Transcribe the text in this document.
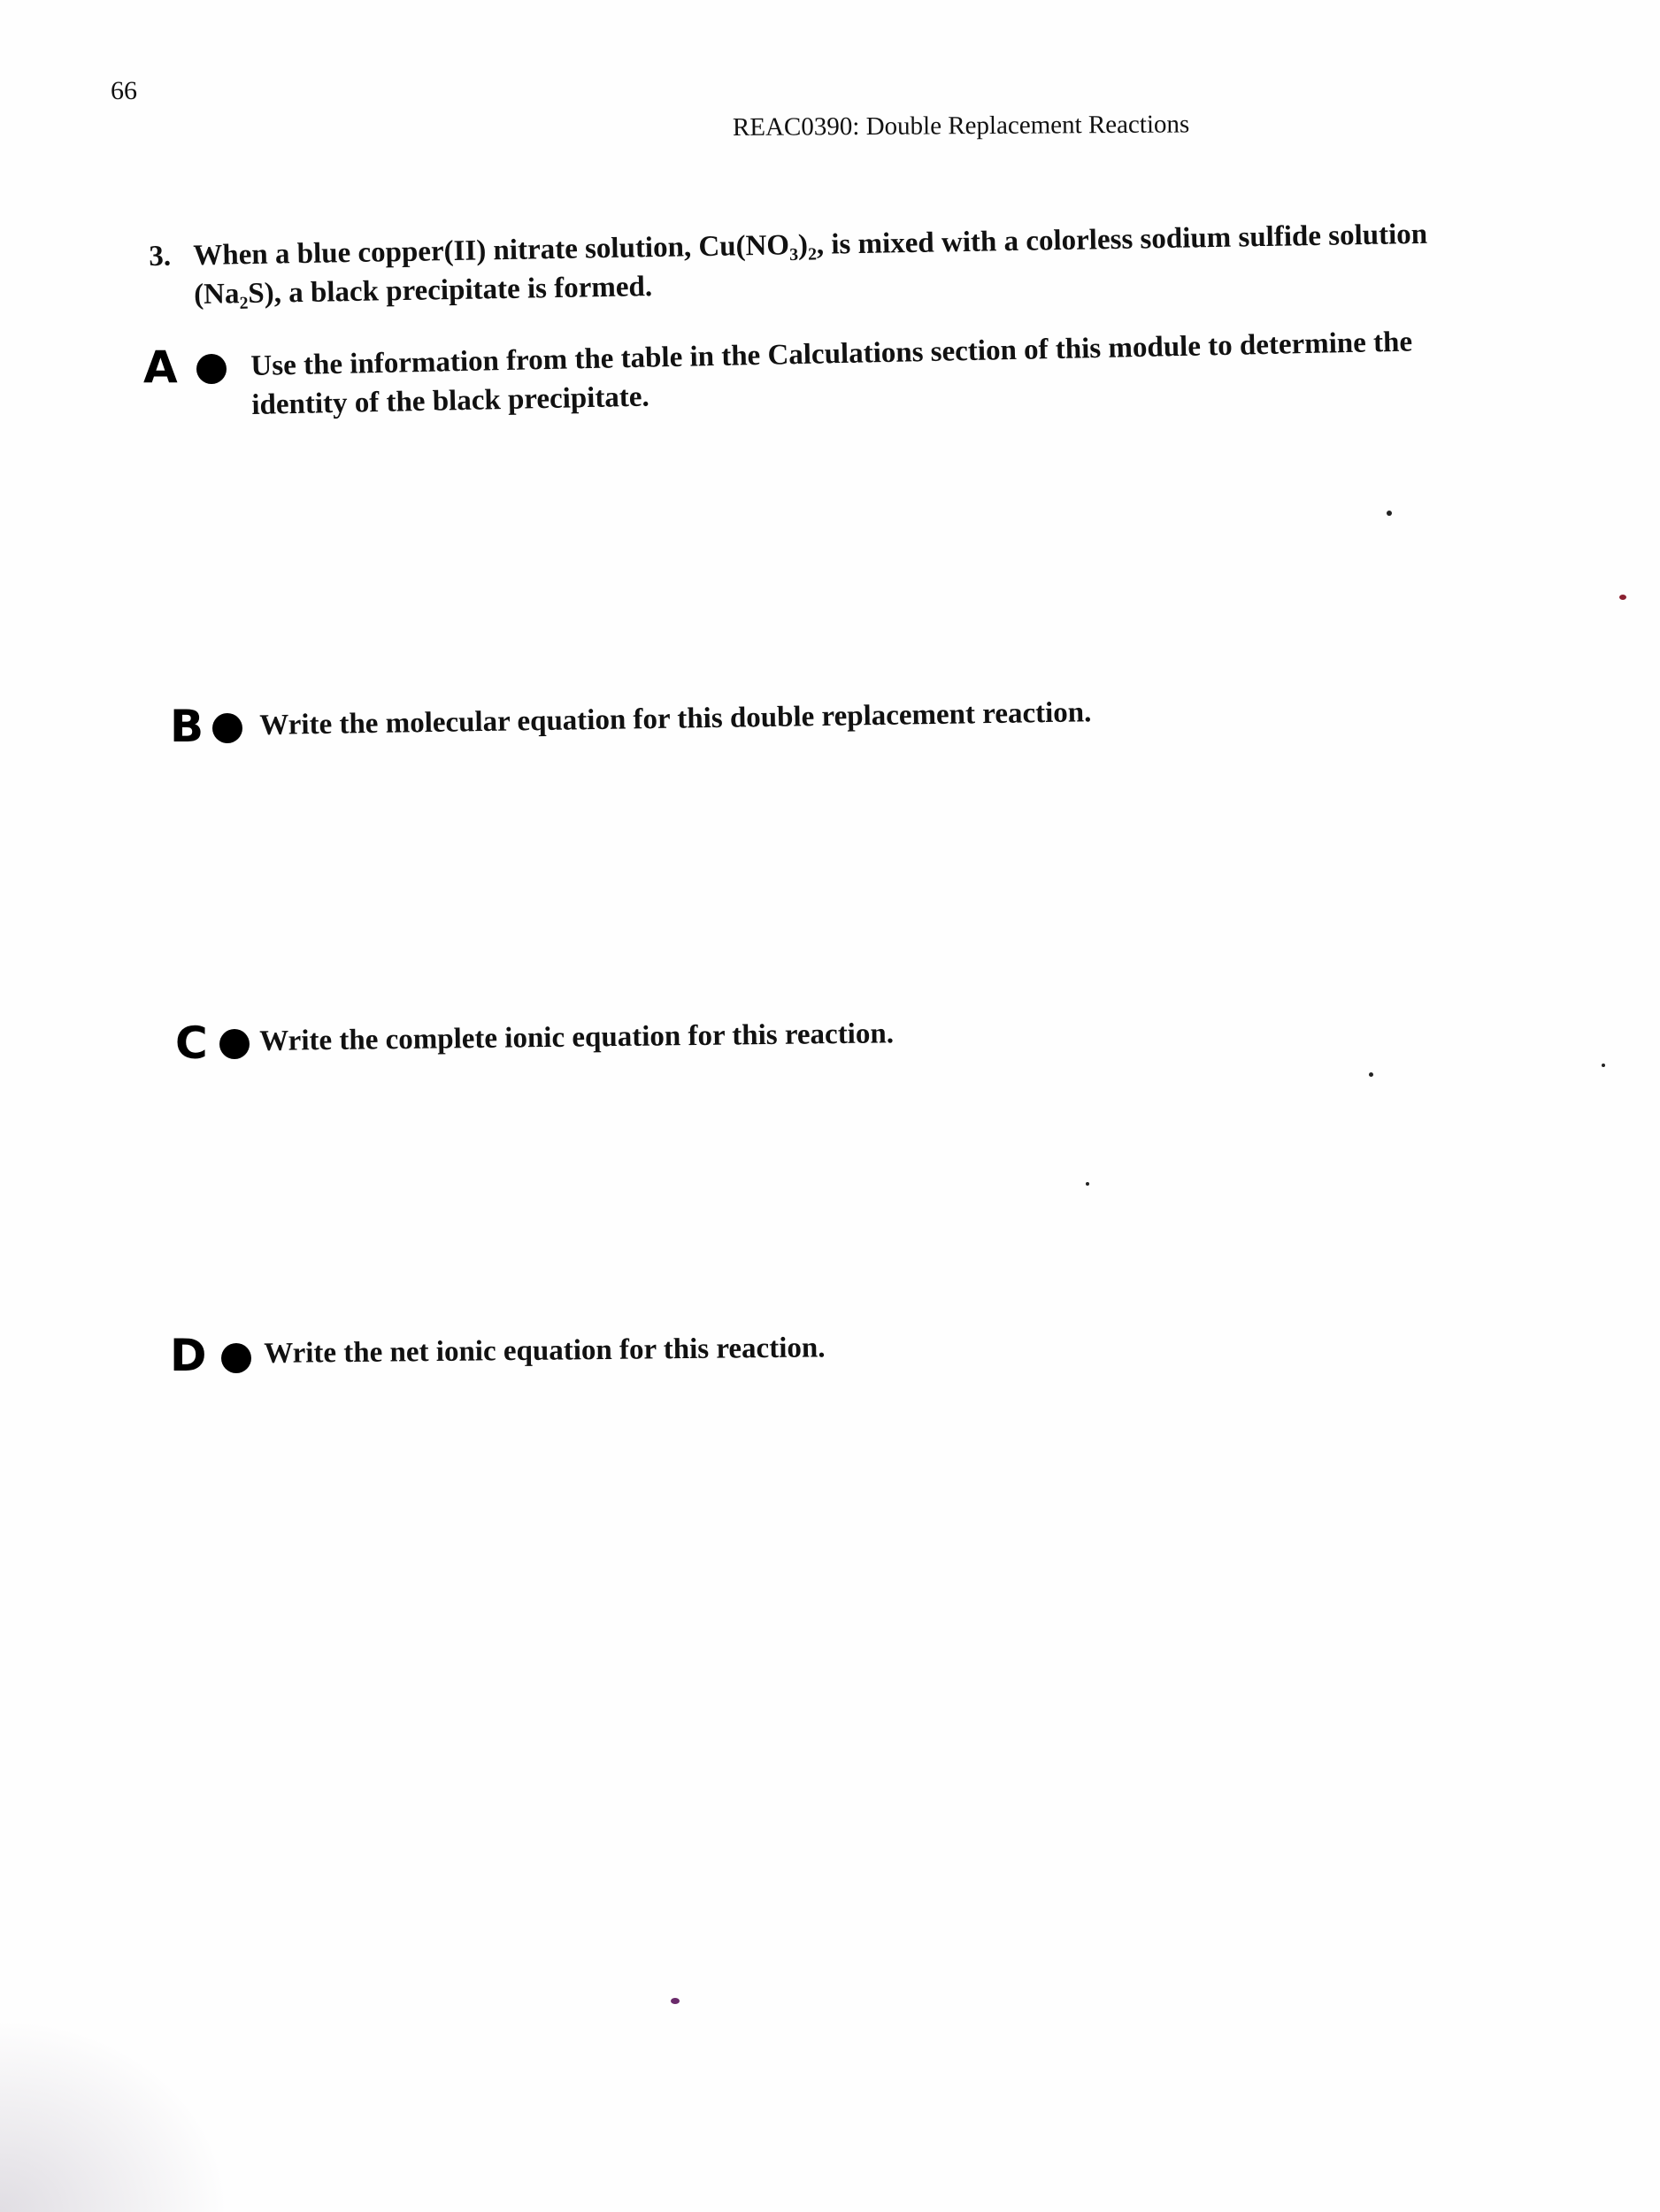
66
REAC0390: Double Replacement Reactions
3. When a blue copper(II) nitrate solution, Cu(NO₃)₂, is mixed with a colorless sodium sulfide solution
(Na₂S), a black precipitate is formed.
A Use the information from the table in the Calculations section of this module to determine the
identity of the black precipitate.
B Write the molecular equation for this double replacement reaction.
C Write the complete ionic equation for this reaction.
D Write the net ionic equation for this reaction.
